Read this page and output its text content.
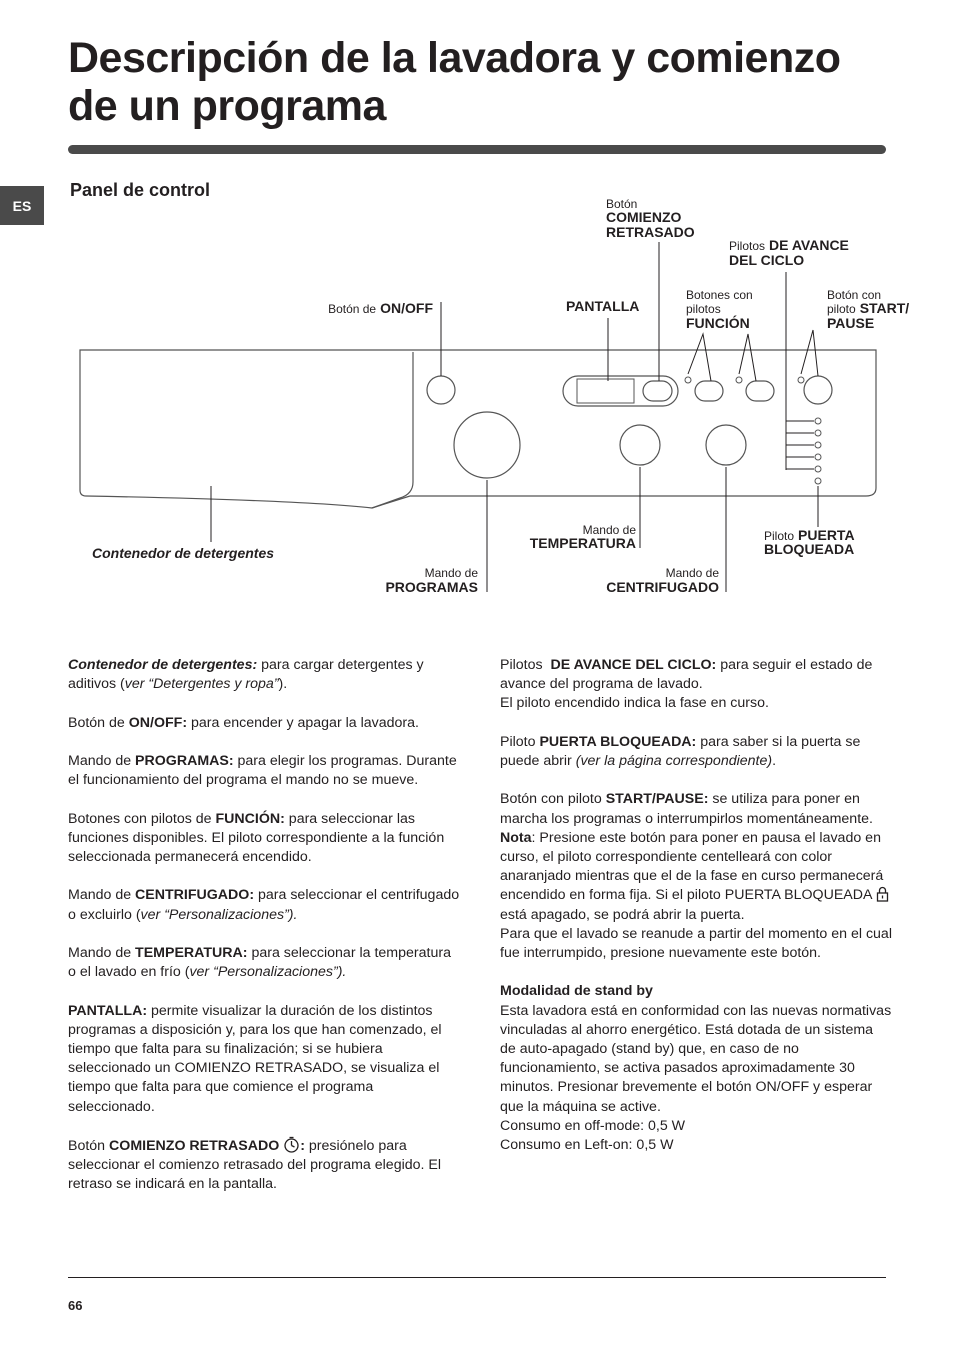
Descripción de la lavadora y comienzo de un programa
ES
Panel de control
Botón
COMIENZO
RETRASADO
Pilotos DE AVANCE
DEL CICLO
Botón de ON/OFF	PANTALLA
Botones con
pilotos
FUNCIÓN
Botón con
piloto START/
PAUSE
Contenedor de detergentes
Mando de
TEMPERATURA	Piloto PUERTA
BLOQUEADA
Mando de
PROGRAMAS
Mando de
CENTRIFUGADO

Contenedor de detergentes: para cargar detergentes y aditivos (ver “Detergentes y ropa”).

Botón de ON/OFF: para encender y apagar la lavadora.

Mando de PROGRAMAS: para elegir los programas. Durante el funcionamiento del programa el mando no se mueve.

Botones con pilotos de FUNCIÓN: para seleccionar las funciones disponibles. El piloto correspondiente a la función seleccionada permanecerá encendido.

Mando de CENTRIFUGADO: para seleccionar el centrifugado o excluirlo (ver “Personalizaciones”).

Mando de TEMPERATURA: para seleccionar la temperatura o el lavado en frío (ver “Personalizaciones”).

PANTALLA: permite visualizar la duración de los distintos programas a disposición y, para los que han comenzado, el tiempo que falta para su finalización; si se hubiera seleccionado un COMIENZO RETRASADO, se visualiza el tiempo que falta para que comience el programa seleccionado.

Botón COMIENZO RETRASADO : presiónelo para seleccionar el comienzo retrasado del programa elegido. El retraso se indicará en la pantalla.

Pilotos  DE AVANCE DEL CICLO: para seguir el estado de avance del programa de lavado.
El piloto encendido indica la fase en curso.

Piloto PUERTA BLOQUEADA: para saber si la puerta se puede abrir (ver la página correspondiente).

Botón con piloto START/PAUSE: se utiliza para poner en marcha los programas o interrumpirlos momentáneamente.

Nota: Presione este botón para poner en pausa el lavado en curso, el piloto correspondiente centelleará con color anaranjado mientras que el de la fase en curso permanecerá encendido en forma fija. Si el piloto PUERTA BLOQUEADA  está apagado, se podrá abrir la puerta.
Para que el lavado se reanude a partir del momento en el cual fue interrumpido, presione nuevamente este botón.

Modalidad de stand by
Esta lavadora está en conformidad con las nuevas normativas vinculadas al ahorro energético. Está dotada de un sistema de auto-apagado (stand by) que, en caso de no funcionamiento, se activa pasados aproximadamente 30 minutos. Presionar brevemente el botón ON/OFF y esperar que la máquina se active.
Consumo en off-mode: 0,5 W
Consumo en Left-on: 0,5 W

66
